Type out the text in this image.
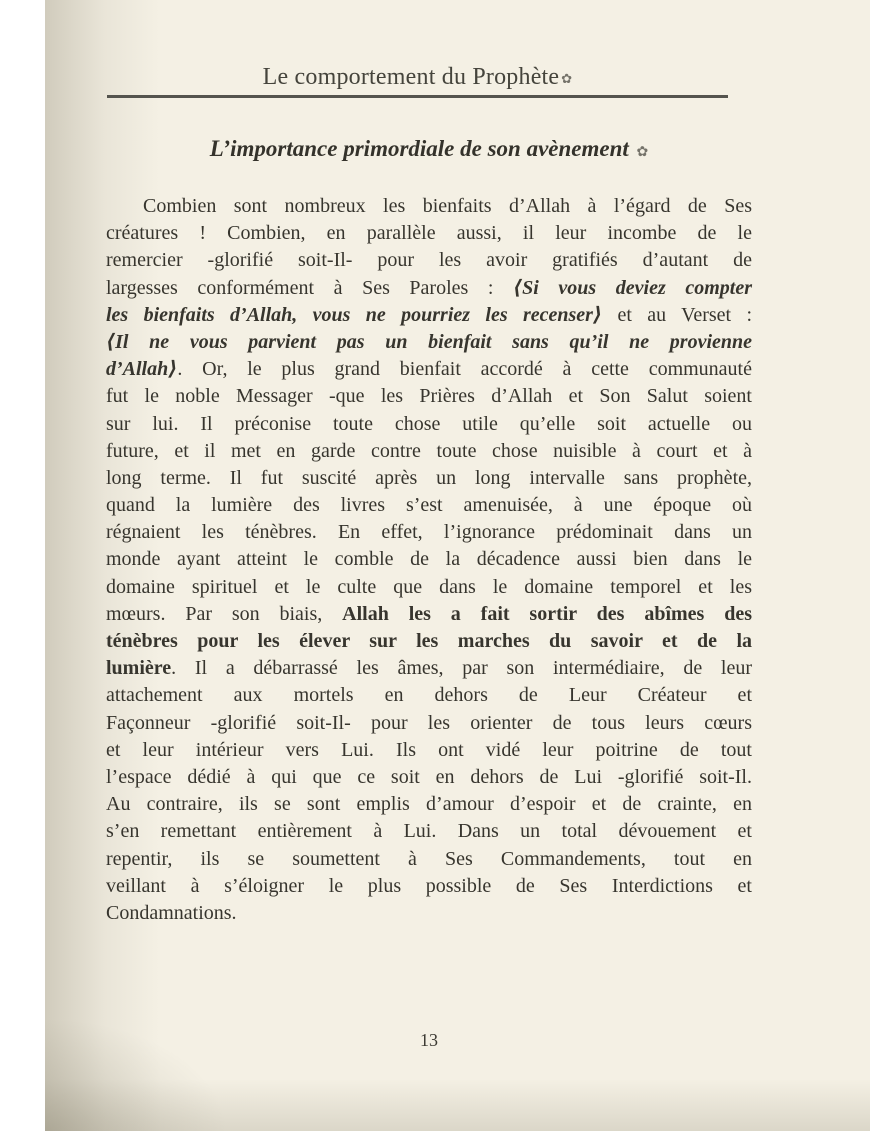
Le comportement du Prophète ✿
L’importance primordiale de son avènement ✿
Combien sont nombreux les bienfaits d’Allah à l’égard de Ses
créatures ! Combien, en parallèle aussi, il leur incombe de le
remercier -glorifié soit-Il- pour les avoir gratifiés d’autant de
largesses conformément à Ses Paroles : ⟨Si vous deviez compter
les bienfaits d’Allah, vous ne pourriez les recenser⟩ et au Verset :
⟨Il ne vous parvient pas un bienfait sans qu’il ne provienne
d’Allah⟩. Or, le plus grand bienfait accordé à cette communauté
fut le noble Messager -que les Prières d’Allah et Son Salut soient
sur lui. Il préconise toute chose utile qu’elle soit actuelle ou
future, et il met en garde contre toute chose nuisible à court et à
long terme. Il fut suscité après un long intervalle sans prophète,
quand la lumière des livres s’est amenuisée, à une époque où
régnaient les ténèbres. En effet, l’ignorance prédominait dans un
monde ayant atteint le comble de la décadence aussi bien dans le
domaine spirituel et le culte que dans le domaine temporel et les
mœurs. Par son biais, Allah les a fait sortir des abîmes des
ténèbres pour les élever sur les marches du savoir et de la
lumière. Il a débarrassé les âmes, par son intermédiaire, de leur
attachement aux mortels en dehors de Leur Créateur et
Façonneur -glorifié soit-Il- pour les orienter de tous leurs cœurs
et leur intérieur vers Lui. Ils ont vidé leur poitrine de tout
l’espace dédié à qui que ce soit en dehors de Lui -glorifié soit-Il.
Au contraire, ils se sont emplis d’amour d’espoir et de crainte, en
s’en remettant entièrement à Lui. Dans un total dévouement et
repentir, ils se soumettent à Ses Commandements, tout en
veillant à s’éloigner le plus possible de Ses Interdictions et
Condamnations.
13
